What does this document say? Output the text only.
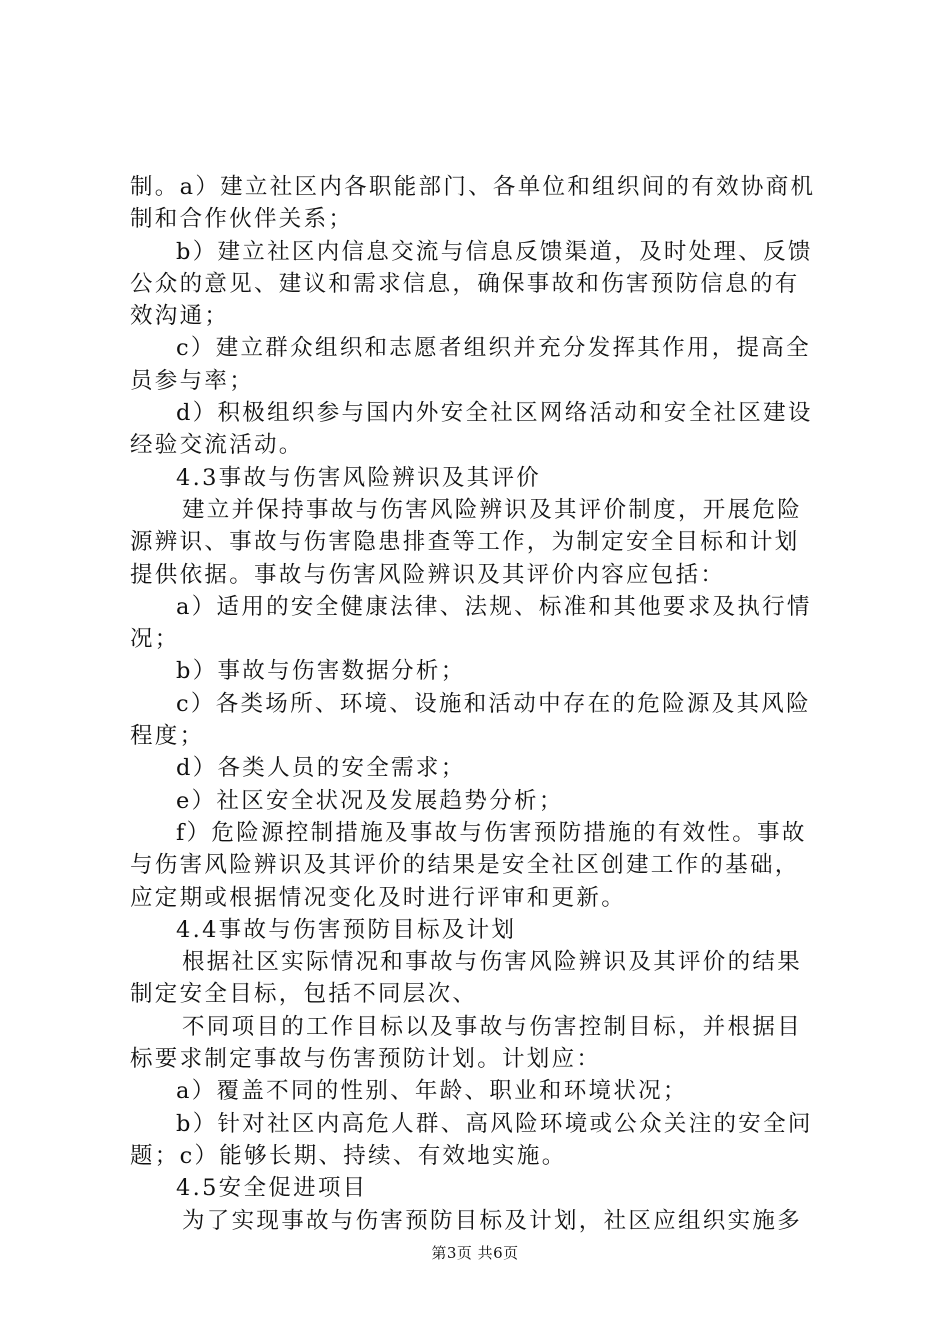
制。a）建立社区内各职能部门、各单位和组织间的有效协商机
制和合作伙伴关系；
b）建立社区内信息交流与信息反馈渠道，及时处理、反馈
公众的意见、建议和需求信息，确保事故和伤害预防信息的有
效沟通；
c）建立群众组织和志愿者组织并充分发挥其作用，提高全
员参与率；
d）积极组织参与国内外安全社区网络活动和安全社区建设
经验交流活动。
4.3事故与伤害风险辨识及其评价
建立并保持事故与伤害风险辨识及其评价制度，开展危险
源辨识、事故与伤害隐患排查等工作，为制定安全目标和计划
提供依据。事故与伤害风险辨识及其评价内容应包括：
a）适用的安全健康法律、法规、标准和其他要求及执行情
况；
b）事故与伤害数据分析；
c）各类场所、环境、设施和活动中存在的危险源及其风险
程度；
d）各类人员的安全需求；
e）社区安全状况及发展趋势分析；
f）危险源控制措施及事故与伤害预防措施的有效性。事故
与伤害风险辨识及其评价的结果是安全社区创建工作的基础，
应定期或根据情况变化及时进行评审和更新。
4.4事故与伤害预防目标及计划
根据社区实际情况和事故与伤害风险辨识及其评价的结果
制定安全目标，包括不同层次、
不同项目的工作目标以及事故与伤害控制目标，并根据目
标要求制定事故与伤害预防计划。计划应：
a）覆盖不同的性别、年龄、职业和环境状况；
b）针对社区内高危人群、高风险环境或公众关注的安全问
题；c）能够长期、持续、有效地实施。
4.5安全促进项目
为了实现事故与伤害预防目标及计划，社区应组织实施多
第3页 共6页
